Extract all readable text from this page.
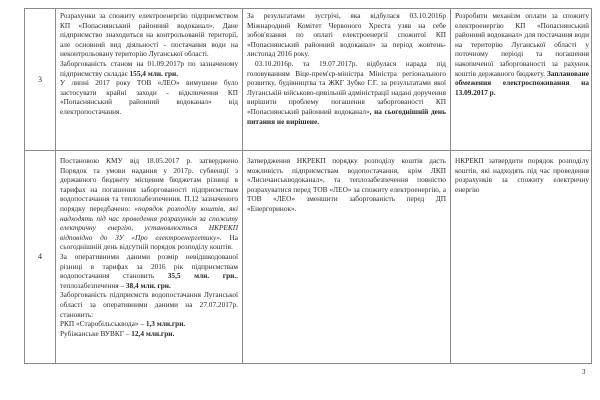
3

Розрахунки за спожиту електроенергію підприємством КП «Попаснянський районний водоканал». Дане підприємство знаходиться на контрольованій території, але основний вид діяльності - постачання води на неконтрольовану територію Луганської області.

Заборгованість станом на 01.09.2017р по зазначеному підприємству складає 155,4 млн. грн.

У липні 2017 року ТОВ «ЛЕО» вимушене було застосувати крайні заходи - відключення КП «Попаснянський районний водоканал» від електропостачання.

За результатами зустрічі, яка відбулася 03.10.2016р Міжнародний Комітет Червоного Хреста узяв на себе зобов'язання по оплаті електроенергії спожитої КП «Попаснянський районний водоканал» за період жовтень-листопад 2016 року.

03.10.2016р. та 19.07.2017р. відбулася нарада під головуванням Віце-прем'єр-міністра Міністра регіонального розвитку, будівництва та ЖКГ Зубко Г.Г. за результатами якої Луганській військово-цивільній адміністрації надані доручення вирішити проблему погашення заборгованості КП «Попаснянський районний водоканал», на сьогоднішній день питання не вирішене.

Розробити механізм оплати за спожиту електроенергію КП «Попаснянський районний водоканал» для постачання води на територію Луганської області у поточному періоді та погашення накопиченої заборгованості за рахунок коштів державного бюджету. Заплановане обмеження електроспоживання на 13.09.2017 р.

4

Постановою КМУ від 18.05.2017 р. затверджено Порядок та умови надання у 2017р. субвенції з державного бюджету місцевим бюджетам різниці в тарифах на погашення заборгованості підприємствам водопостачання та теплозабезпечення. П.12 зазначеного порядку передбачено: «порядок розподілу коштів, які надходять під час проведення розрахунків за спожиту електричну енергію, установлюється НКРЕКП відповідно до ЗУ «Про електроенергетику». На сьогоднішній день відсутній порядок розподілу коштів.

За оперативними даними розмір невідшкодованої різниці в тарифах за 2016 рік підприємствам водопостачання становить 35,5 млн. грн., теплозабезпечення – 38,4 млн. грн.

Заборгованість підприємств водопостачання Луганської області за оперативними даними на 27.07.2017р. становить:

РКП «Старобільськвода» – 1,3 млн.грн.

Рубіжанське ВУВКГ – 12,4 млн.грн.

Затвердження НКРЕКП порядку розподілу коштів дасть можливість підприємствам водопостачання, крім ЛКП «Лисичанськводоканал», та теплозабезпечення повністю розрахуватися перед ТОВ «ЛЕО» за спожиту електроенергію, а ТОВ «ЛЕО» зменшити заборгованість перед ДП «Енергоринок».

НКРЕКП затвердити порядок розподілу коштів, які надходять під час проведення розрахунків за спожиту електричну енергію

3
